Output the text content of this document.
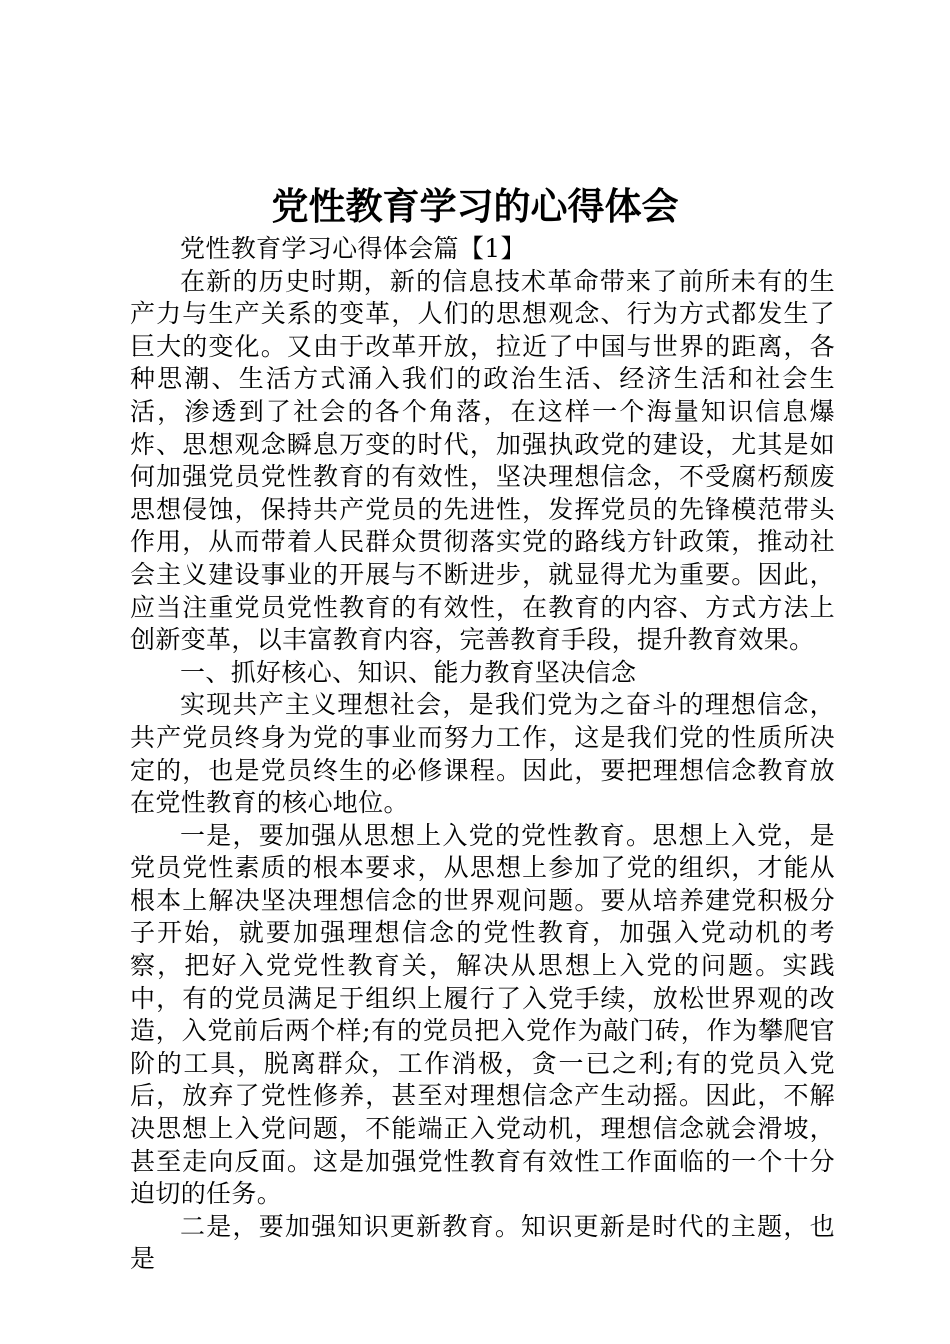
党性教育学习的心得体会

党性教育学习心得体会篇【1】

在新的历史时期，新的信息技术革命带来了前所未有的生产力与生产关系的变革，人们的思想观念、行为方式都发生了巨大的变化。又由于改革开放，拉近了中国与世界的距离，各种思潮、生活方式涌入我们的政治生活、经济生活和社会生活，渗透到了社会的各个角落，在这样一个海量知识信息爆炸、思想观念瞬息万变的时代，加强执政党的建设，尤其是如何加强党员党性教育的有效性，坚决理想信念，不受腐朽颓废思想侵蚀，保持共产党员的先进性，发挥党员的先锋模范带头作用，从而带着人民群众贯彻落实党的路线方针政策，推动社会主义建设事业的开展与不断进步，就显得尤为重要。因此，应当注重党员党性教育的有效性，在教育的内容、方式方法上创新变革，以丰富教育内容，完善教育手段，提升教育效果。

一、抓好核心、知识、能力教育坚决信念

实现共产主义理想社会，是我们党为之奋斗的理想信念，共产党员终身为党的事业而努力工作，这是我们党的性质所决定的，也是党员终生的必修课程。因此，要把理想信念教育放在党性教育的核心地位。

一是，要加强从思想上入党的党性教育。思想上入党，是党员党性素质的根本要求，从思想上参加了党的组织，才能从根本上解决坚决理想信念的世界观问题。要从培养建党积极分子开始，就要加强理想信念的党性教育，加强入党动机的考察，把好入党党性教育关，解决从思想上入党的问题。实践中，有的党员满足于组织上履行了入党手续，放松世界观的改造，入党前后两个样;有的党员把入党作为敲门砖，作为攀爬官阶的工具，脱离群众，工作消极，贪一已之利;有的党员入党后，放弃了党性修养，甚至对理想信念产生动摇。因此，不解决思想上入党问题，不能端正入党动机，理想信念就会滑坡，甚至走向反面。这是加强党性教育有效性工作面临的一个十分迫切的任务。

二是，要加强知识更新教育。知识更新是时代的主题，也是
